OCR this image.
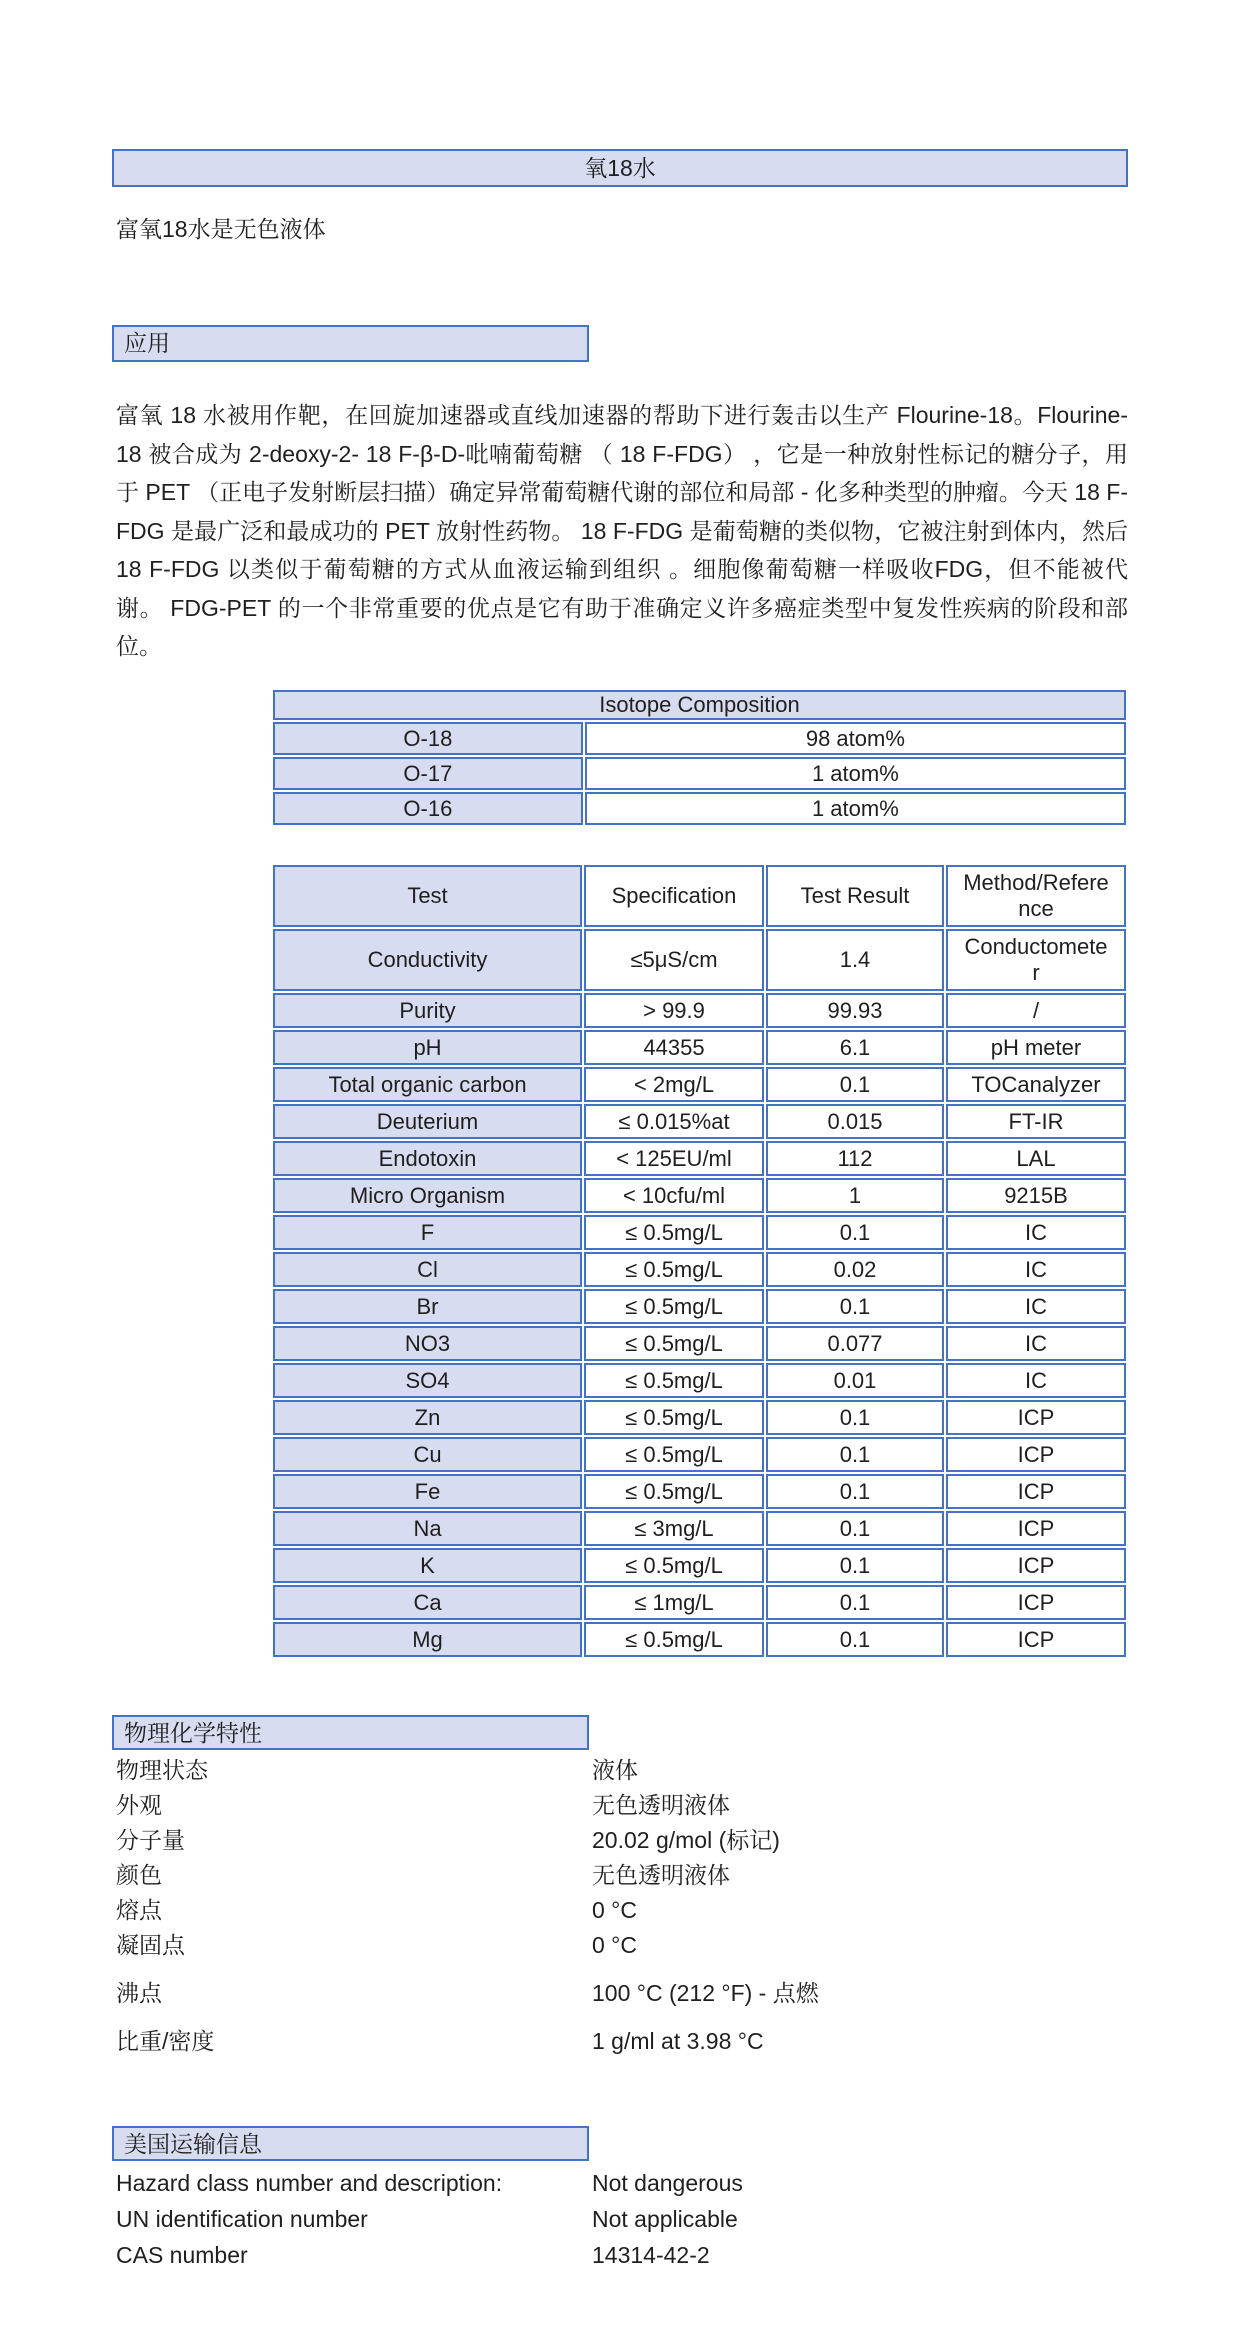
氧18水
富氧18水是无色液体
应用
富氧 18 水被用作靶，在回旋加速器或直线加速器的帮助下进行轰击以生产 Flourine-18。Flourine-18 被合成为 2-deoxy-2- 18 F-β-D-吡喃葡萄糖 （ 18 F-FDG） ，它是一种放射性标记的糖分子，用于 PET （正电子发射断层扫描）确定异常葡萄糖代谢的部位和局部 - 化多种类型的肿瘤。今天 18 F-FDG 是最广泛和最成功的 PET 放射性药物。 18 F-FDG 是葡萄糖的类似物，它被注射到体内，然后 18 F-FDG 以类似于葡萄糖的方式从血液运输到组织 。细胞像葡萄糖一样吸收FDG，但不能被代谢。 FDG-PET 的一个非常重要的优点是它有助于准确定义许多癌症类型中复发性疾病的阶段和部位。
Isotope Composition	
O-18	98 atom%
O-17	1 atom%
O-16	1 atom%
Test	Specification	Test Result	Method/Reference
Conductivity	≤5μS/cm	1.4	Conductometer
Purity	> 99.9	99.93	/
pH	44355	6.1	pH meter
Total organic carbon	< 2mg/L	0.1	TOCanalyzer
Deuterium	≤ 0.015%at	0.015	FT-IR
Endotoxin	< 125EU/ml	112	LAL
Micro Organism	< 10cfu/ml	1	9215B
F	≤ 0.5mg/L	0.1	IC
Cl	≤ 0.5mg/L	0.02	IC
Br	≤ 0.5mg/L	0.1	IC
NO3	≤ 0.5mg/L	0.077	IC
SO4	≤ 0.5mg/L	0.01	IC
Zn	≤ 0.5mg/L	0.1	ICP
Cu	≤ 0.5mg/L	0.1	ICP
Fe	≤ 0.5mg/L	0.1	ICP
Na	≤ 3mg/L	0.1	ICP
K	≤ 0.5mg/L	0.1	ICP
Ca	≤ 1mg/L	0.1	ICP
Mg	≤ 0.5mg/L	0.1	ICP
物理化学特性
物理状态	液体
外观	无色透明液体
分子量	20.02 g/mol (标记)
颜色	无色透明液体
熔点	0 °C
凝固点	0 °C
沸点	100 °C (212 °F) - 点燃
比重/密度	1 g/ml at 3.98 °C
美国运输信息
Hazard class number and description:	Not dangerous
UN identification number	Not applicable
CAS number	14314-42-2
